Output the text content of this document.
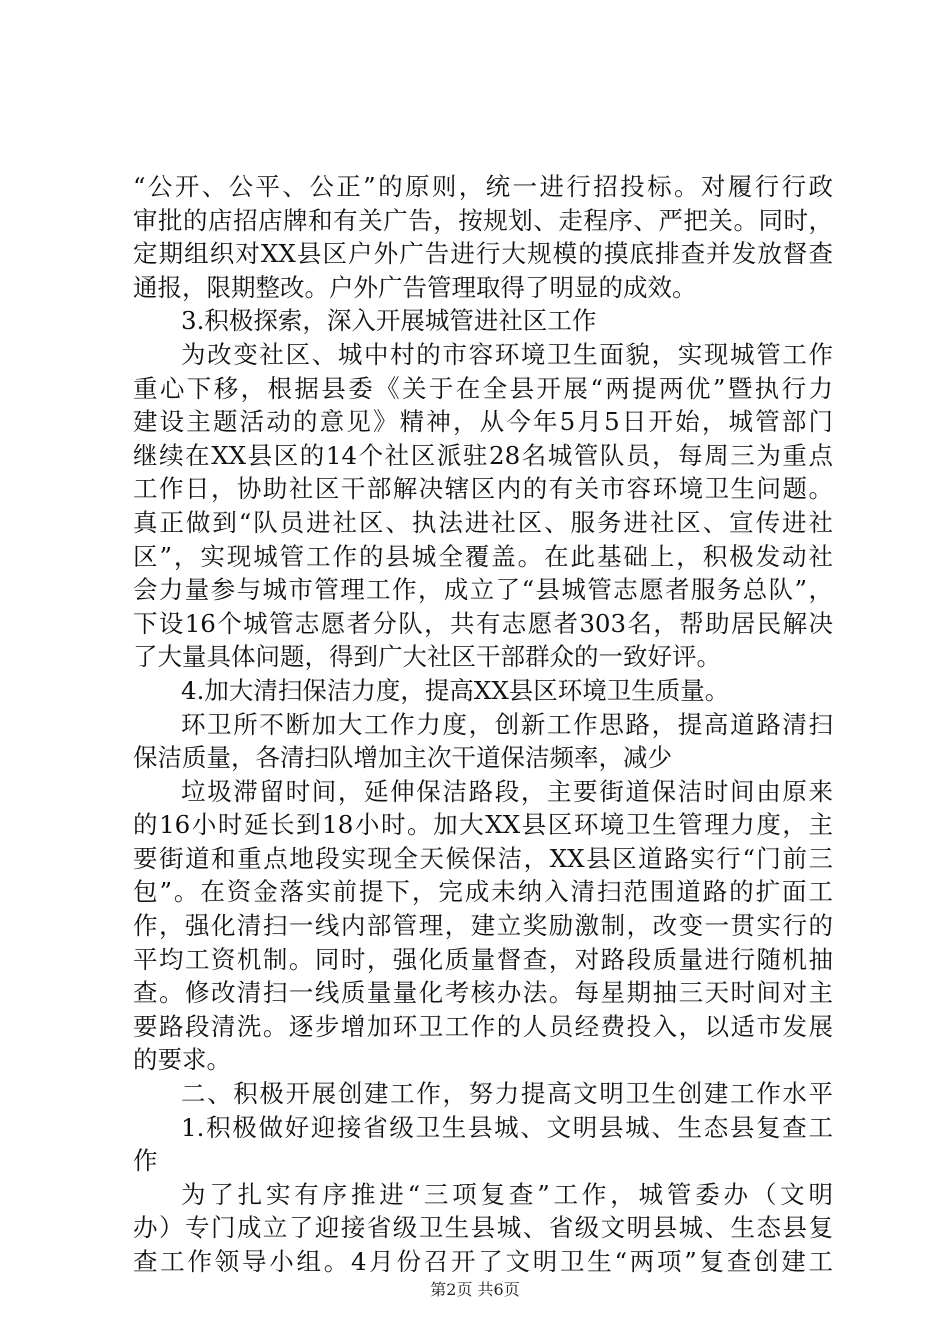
“公开、公平、公正”的原则，统一进行招投标。对履行行政
审批的店招店牌和有关广告，按规划、走程序、严把关。同时，
定期组织对XX县区户外广告进行大规模的摸底排查并发放督查
通报，限期整改。户外广告管理取得了明显的成效。
3.积极探索，深入开展城管进社区工作
为改变社区、城中村的市容环境卫生面貌，实现城管工作
重心下移，根据县委《关于在全县开展“两提两优”暨执行力
建设主题活动的意见》精神，从今年5月5日开始，城管部门
继续在XX县区的14个社区派驻28名城管队员，每周三为重点
工作日，协助社区干部解决辖区内的有关市容环境卫生问题。
真正做到“队员进社区、执法进社区、服务进社区、宣传进社
区”，实现城管工作的县城全覆盖。在此基础上，积极发动社
会力量参与城市管理工作，成立了“县城管志愿者服务总队”，
下设16个城管志愿者分队，共有志愿者303名，帮助居民解决
了大量具体问题，得到广大社区干部群众的一致好评。
4.加大清扫保洁力度，提高XX县区环境卫生质量。
环卫所不断加大工作力度，创新工作思路，提高道路清扫
保洁质量，各清扫队增加主次干道保洁频率，减少
垃圾滞留时间，延伸保洁路段，主要街道保洁时间由原来
的16小时延长到18小时。加大XX县区环境卫生管理力度，主
要街道和重点地段实现全天候保洁，XX县区道路实行“门前三
包”。在资金落实前提下，完成未纳入清扫范围道路的扩面工
作，强化清扫一线内部管理，建立奖励激制，改变一贯实行的
平均工资机制。同时，强化质量督查，对路段质量进行随机抽
查。修改清扫一线质量量化考核办法。每星期抽三天时间对主
要路段清洗。逐步增加环卫工作的人员经费投入，以适市发展
的要求。
二、积极开展创建工作，努力提高文明卫生创建工作水平
1.积极做好迎接省级卫生县城、文明县城、生态县复查工
作
为了扎实有序推进“三项复查”工作，城管委办（文明
办）专门成立了迎接省级卫生县城、省级文明县城、生态县复
查工作领导小组。4月份召开了文明卫生“两项”复查创建工
第2页 共6页
